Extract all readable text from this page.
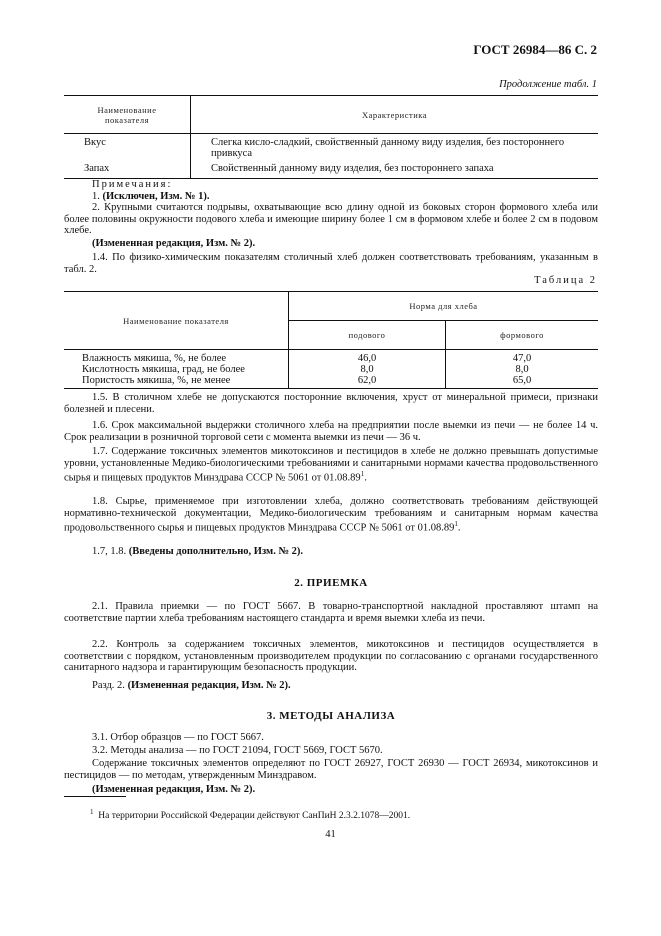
ГОСТ 26984—86 С. 2
Продолжение табл. 1
Наименование
показателя	Характеристика
Вкус	Слегка кисло-сладкий, свойственный данному виду изделия, без постороннего привкуса
Запах	Свойственный данному виду изделия, без постороннего запаха
Примечания:
1. (Исключен, Изм. № 1).
2. Крупными считаются подрывы, охватывающие всю длину одной из боковых сторон формового хлеба или более половины окружности подового хлеба и имеющие ширину более 1 см в формовом хлебе и более 2 см в подовом хлебе.
(Измененная редакция, Изм. № 2).
1.4. По физико-химическим показателям столичный хлеб должен соответствовать требованиям, указанным в табл. 2.
Таблица 2
Наименование показателя	Норма для хлеба	
	подового	формового
Влажность мякиша, %, не более	46,0	47,0
Кислотность мякиша, град, не более	8,0	8,0
Пористость мякиша, %, не менее	62,0	65,0
1.5. В столичном хлебе не допускаются посторонние включения, хруст от минеральной примеси, признаки болезней и плесени.
1.6. Срок максимальной выдержки столичного хлеба на предприятии после выемки из печи — не более 14 ч. Срок реализации в розничной торговой сети с момента выемки из печи — 36 ч.
1.7. Содержание токсичных элементов микотоксинов и пестицидов в хлебе не должно превышать допустимые уровни, установленные Медико-биологическими требованиями и санитарными нормами качества продовольственного сырья и пищевых продуктов Минздрава СССР № 5061 от 01.08.89$^1$.
1.8. Сырье, применяемое при изготовлении хлеба, должно соответствовать требованиям действующей нормативно-технической документации, Медико-биологическим требованиям и санитарным нормам качества продовольственного сырья и пищевых продуктов Минздрава СССР № 5061 от 01.08.89$^1$.
1.7, 1.8. (Введены дополнительно, Изм. № 2).
2. ПРИЕМКА
2.1. Правила приемки — по ГОСТ 5667. В товарно-транспортной накладной проставляют штамп на соответствие партии хлеба требованиям настоящего стандарта и время выемки хлеба из печи.
2.2. Контроль за содержанием токсичных элементов, микотоксинов и пестицидов осуществляется в соответствии с порядком, установленным производителем продукции по согласованию с органами государственного санитарного надзора и гарантирующим безопасность продукции.
Разд. 2. (Измененная редакция, Изм. № 2).
3. МЕТОДЫ АНАЛИЗА
3.1. Отбор образцов — по ГОСТ 5667.
3.2. Методы анализа — по ГОСТ 21094, ГОСТ 5669, ГОСТ 5670.
Содержание токсичных элементов определяют по ГОСТ 26927, ГОСТ 26930 — ГОСТ 26934, микотоксинов и пестицидов — по методам, утвержденным Минздравом.
(Измененная редакция, Изм. № 2).
$^1$ На территории Российской Федерации действуют СанПиН 2.3.2.1078—2001.
41
